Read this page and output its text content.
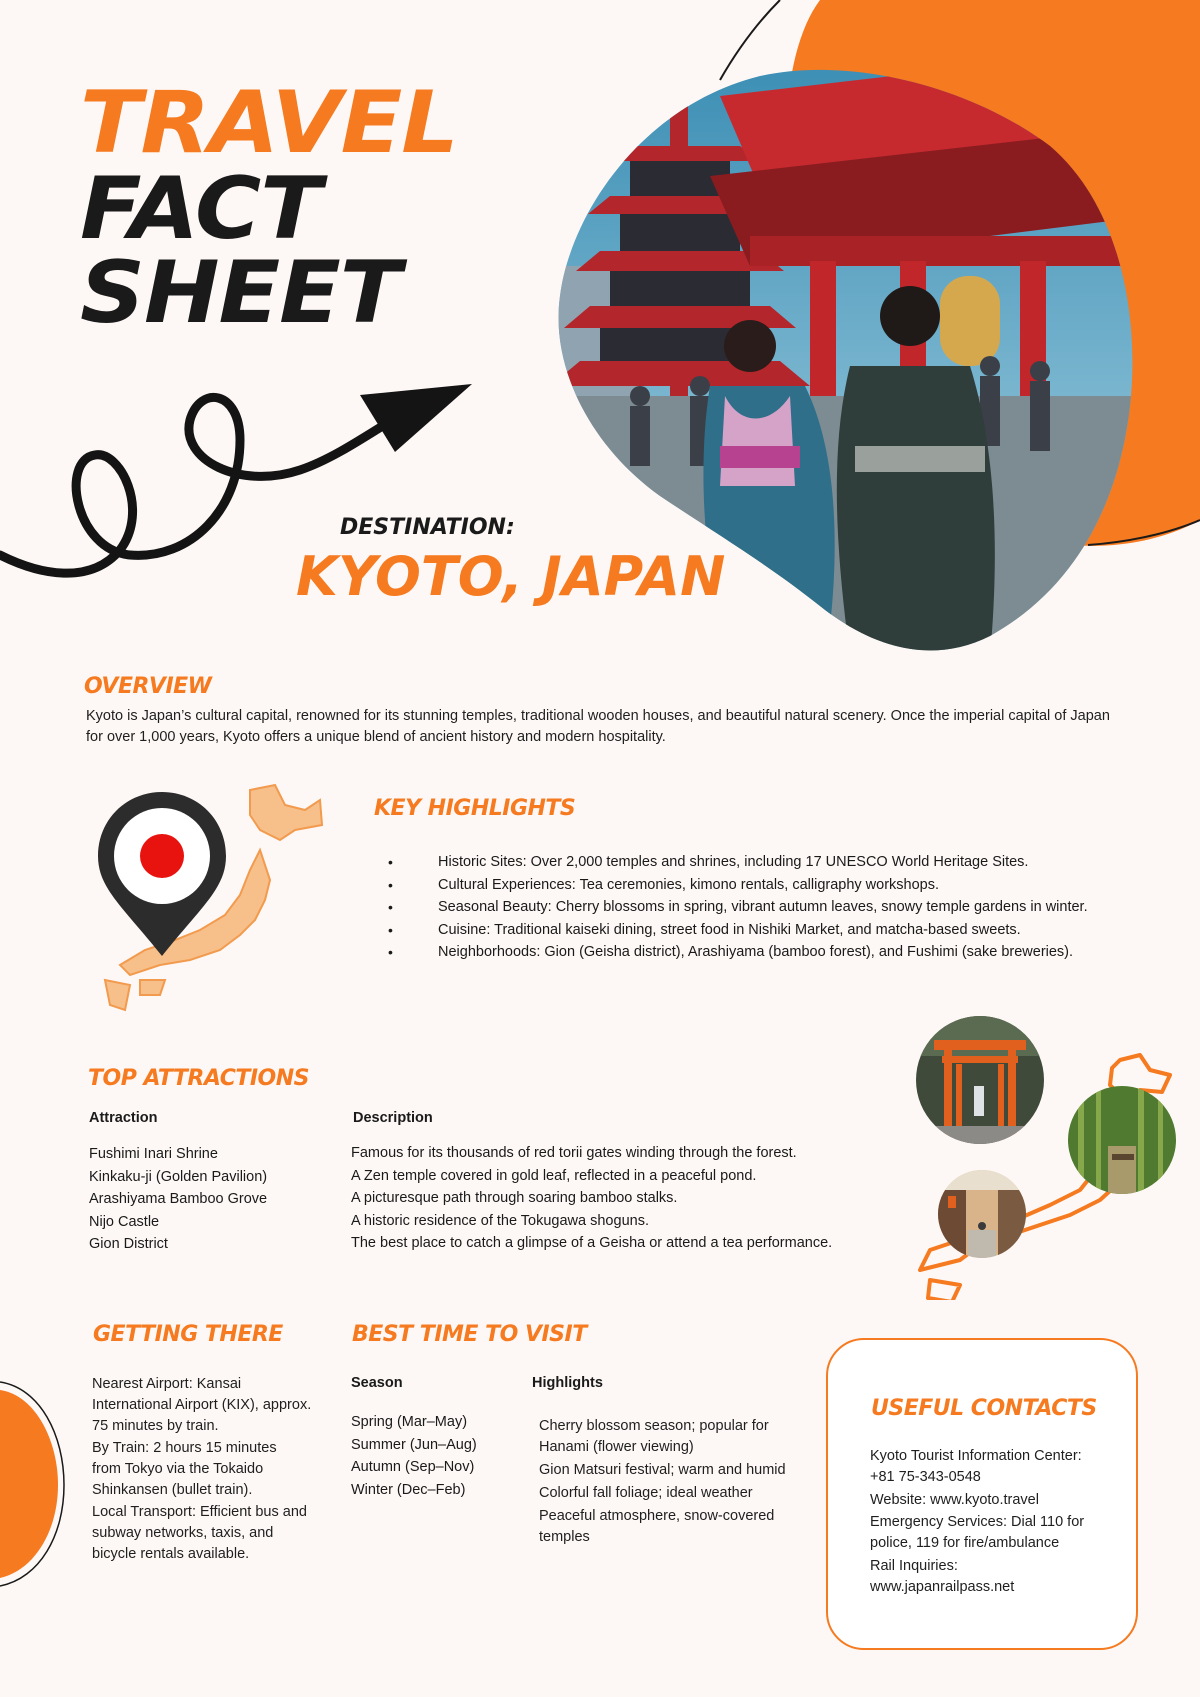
TRAVEL
FACT
SHEET
DESTINATION:
KYOTO, JAPAN
OVERVIEW
Kyoto is Japan’s cultural capital, renowned for its stunning temples, traditional wooden houses, and beautiful natural scenery. Once the imperial capital of Japan for over 1,000 years, Kyoto offers a unique blend of ancient history and modern hospitality.
KEY HIGHLIGHTS
• Historic Sites: Over 2,000 temples and shrines, including 17 UNESCO World Heritage Sites.
• Cultural Experiences: Tea ceremonies, kimono rentals, calligraphy workshops.
• Seasonal Beauty: Cherry blossoms in spring, vibrant autumn leaves, snowy temple gardens in winter.
• Cuisine: Traditional kaiseki dining, street food in Nishiki Market, and matcha-based sweets.
• Neighborhoods: Gion (Geisha district), Arashiyama (bamboo forest), and Fushimi (sake breweries).
TOP ATTRACTIONS
Attraction	Description
Fushimi Inari Shrine
Kinkaku-ji (Golden Pavilion)
Arashiyama Bamboo Grove
Nijo Castle
Gion District
Famous for its thousands of red torii gates winding through the forest.
A Zen temple covered in gold leaf, reflected in a peaceful pond.
A picturesque path through soaring bamboo stalks.
A historic residence of the Tokugawa shoguns.
The best place to catch a glimpse of a Geisha or attend a tea performance.
GETTING THERE
Nearest Airport: Kansai International Airport (KIX), approx. 75 minutes by train.
By Train: 2 hours 15 minutes from Tokyo via the Tokaido Shinkansen (bullet train).
Local Transport: Efficient bus and subway networks, taxis, and bicycle rentals available.
BEST TIME TO VISIT
Season	Highlights
Spring (Mar–May)
Summer (Jun–Aug)
Autumn (Sep–Nov)
Winter (Dec–Feb)
Cherry blossom season; popular for Hanami (flower viewing)
Gion Matsuri festival; warm and humid
Colorful fall foliage; ideal weather
Peaceful atmosphere, snow-covered temples
USEFUL CONTACTS
Kyoto Tourist Information Center: +81 75-343-0548
Website: www.kyoto.travel
Emergency Services: Dial 110 for police, 119 for fire/ambulance
Rail Inquiries: www.japanrailpass.net
